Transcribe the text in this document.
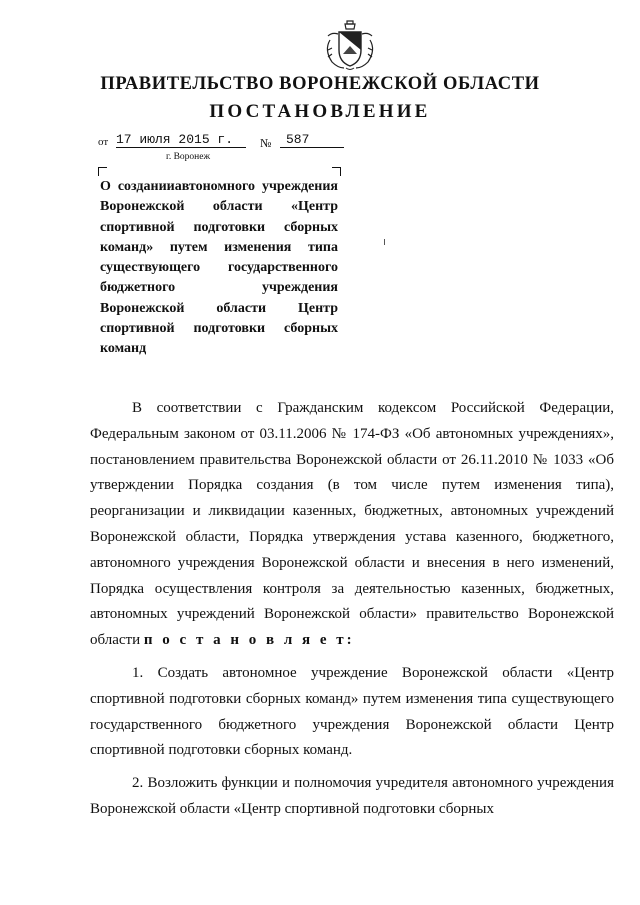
ПРАВИТЕЛЬСТВО ВОРОНЕЖСКОЙ ОБЛАСТИ
ПОСТАНОВЛЕНИЕ
от 17 июля 2015 г.	№	587
г. Воронеж
О созданииавтономного учреждения Воронежской области «Центр спортивной подготовки сборных команд» путем изменения типа существующего государственного бюджетного учреждения Воронежской области Центр спортивной подготовки сборных команд

В соответствии с Гражданским кодексом Российской Федерации, Федеральным законом от 03.11.2006 № 174-ФЗ «Об автономных учреждениях», постановлением правительства Воронежской области от 26.11.2010 № 1033 «Об утверждении Порядка создания (в том числе путем изменения типа), реорганизации и ликвидации казенных, бюджетных, автономных учреждений Воронежской области, Порядка утверждения устава казенного, бюджетного, автономного учреждения Воронежской области и внесения в него изменений, Порядка осуществления контроля за деятельностью казенных, бюджетных, автономных учреждений Воронежской области» правительство Воронежской области п о с т а н о в л я е т:

1. Создать автономное учреждение Воронежской области «Центр спортивной подготовки сборных команд» путем изменения типа существующего государственного бюджетного учреждения Воронежской области Центр спортивной подготовки сборных команд.

2. Возложить функции и полномочия учредителя автономного учреждения Воронежской области «Центр спортивной подготовки сборных
